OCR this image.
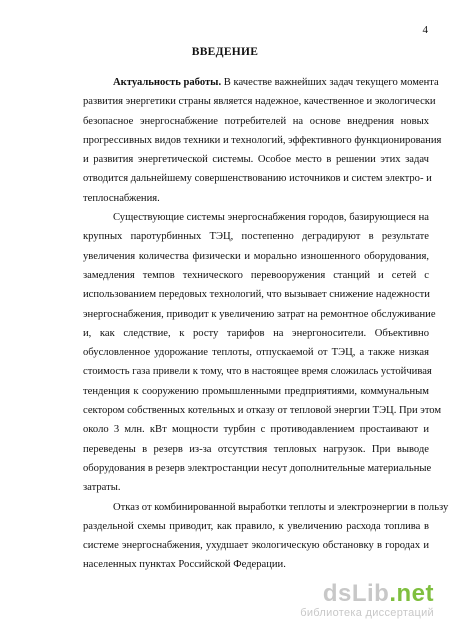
4
ВВЕДЕНИЕ
Актуальность работы. В качестве важнейших задач текущего момента
развития энергетики страны является надежное, качественное и экологически
безопасное энергоснабжение потребителей на основе внедрения новых
прогрессивных видов техники и технологий, эффективного функционирования
и развития энергетической системы. Особое место в решении этих задач
отводится дальнейшему совершенствованию источников и систем электро- и
теплоснабжения.
Существующие системы энергоснабжения городов, базирующиеся на
крупных паротурбинных ТЭЦ, постепенно деградируют в результате
увеличения количества физически и морально изношенного оборудования,
замедления темпов технического перевооружения станций и сетей с
использованием передовых технологий, что вызывает снижение надежности
энергоснабжения, приводит к увеличению затрат на ремонтное обслуживание
и, как следствие, к росту тарифов на энергоносители. Объективно
обусловленное удорожание теплоты, отпускаемой от ТЭЦ, а также низкая
стоимость газа привели к тому, что в настоящее время сложилась устойчивая
тенденция к сооружению промышленными предприятиями, коммунальным
сектором собственных котельных и отказу от тепловой энергии ТЭЦ. При этом
около 3 млн. кВт мощности турбин с противодавлением простаивают и
переведены в резерв из-за отсутствия тепловых нагрузок. При выводе
оборудования в резерв электростанции несут дополнительные материальные
затраты.
Отказ от комбинированной выработки теплоты и электроэнергии в пользу
раздельной схемы приводит, как правило, к увеличению расхода топлива в
системе энергоснабжения, ухудшает экологическую обстановку в городах и
населенных пунктах Российской Федерации.
dsLib.net
библиотека диссертаций
